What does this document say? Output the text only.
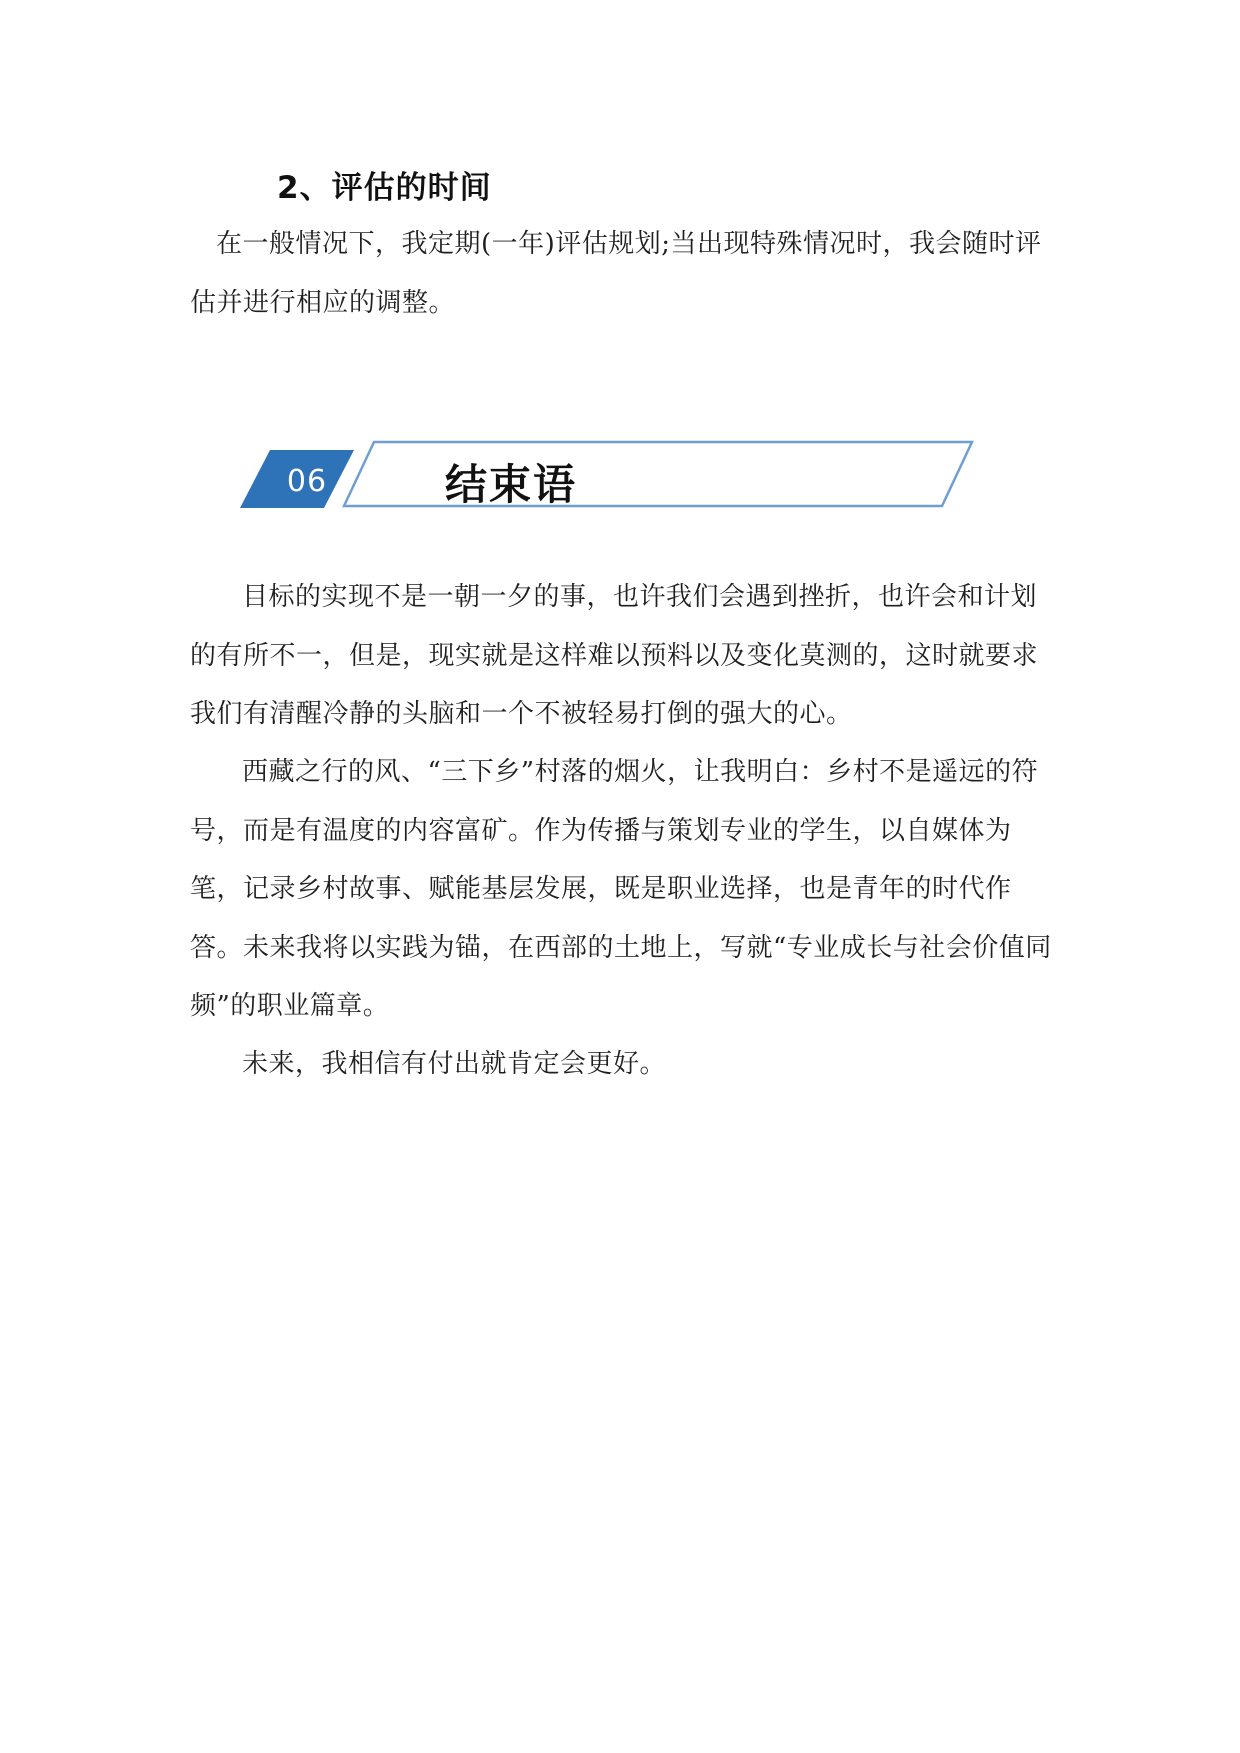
2、评估的时间

在一般情况下，我定期(一年)评估规划;当出现特殊情况时，我会随时评估并进行相应的调整。

06	结束语

目标的实现不是一朝一夕的事，也许我们会遇到挫折，也许会和计划的有所不一，但是，现实就是这样难以预料以及变化莫测的，这时就要求我们有清醒冷静的头脑和一个不被轻易打倒的强大的心。

西藏之行的风、“三下乡”村落的烟火，让我明白：乡村不是遥远的符号，而是有温度的内容富矿。作为传播与策划专业的学生，以自媒体为笔，记录乡村故事、赋能基层发展，既是职业选择，也是青年的时代作答。未来我将以实践为锚，在西部的土地上，写就“专业成长与社会价值同频”的职业篇章。

未来，我相信有付出就肯定会更好。
